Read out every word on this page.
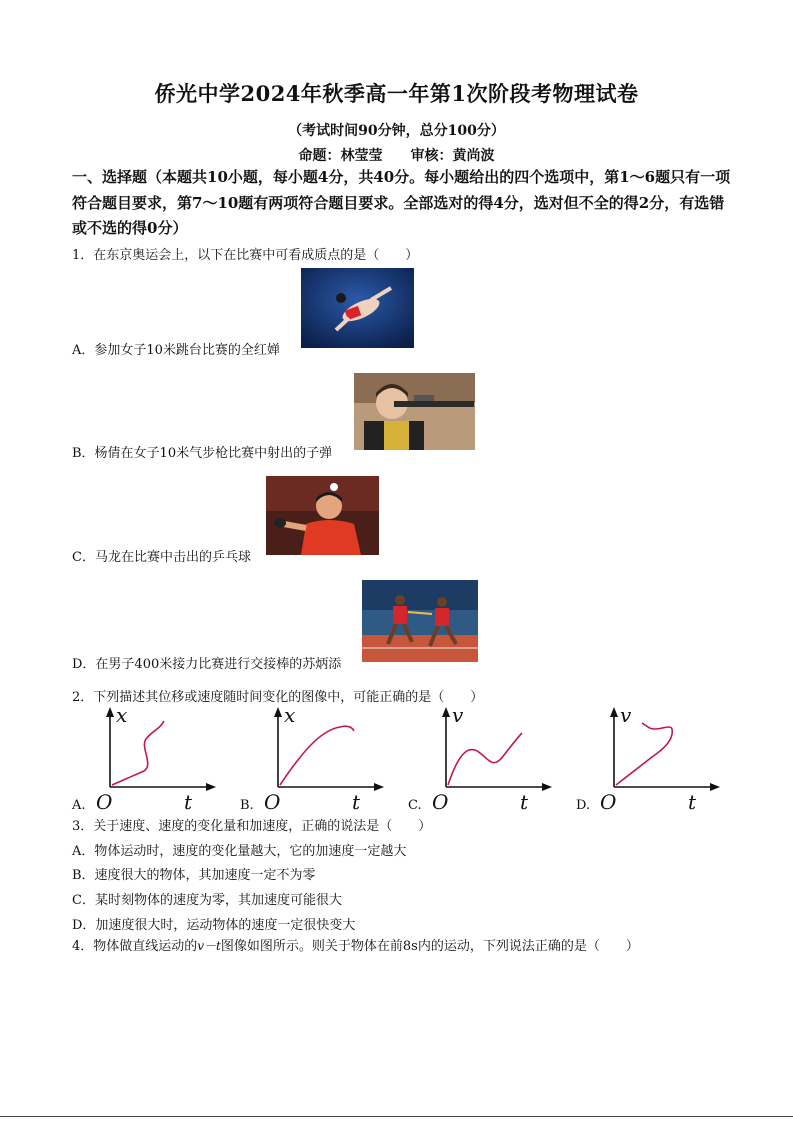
侨光中学2024年秋季高一年第1次阶段考物理试卷
（考试时间90分钟，总分100分）
命题：林莹莹　　审核：黄尚波
一、选择题（本题共10小题，每小题4分，共40分。每小题给出的四个选项中，第1～6题只有一项符合题目要求，第7～10题有两项符合题目要求。全部选对的得4分，选对但不全的得2分，有选错或不选的得0分）
1．在东京奥运会上，以下在比赛中可看成质点的是（　　）
A．参加女子10米跳台比赛的全红婵
B．杨倩在女子10米气步枪比赛中射出的子弹
C．马龙在比赛中击出的乒乓球
D．在男子400米接力比赛进行交接棒的苏炳添
2．下列描述其位移或速度随时间变化的图像中，可能正确的是（　　）
x
O	t
A.
x
O	t
B.
v
O	t
C.
v
O	t
D.
3．关于速度、速度的变化量和加速度，正确的说法是（　　）
A．物体运动时，速度的变化量越大，它的加速度一定越大
B．速度很大的物体，其加速度一定不为零
C．某时刻物体的速度为零，其加速度可能很大
D．加速度很大时，运动物体的速度一定很快变大
4．物体做直线运动的v－t图像如图所示。则关于物体在前8s内的运动，下列说法正确的是（　　）
